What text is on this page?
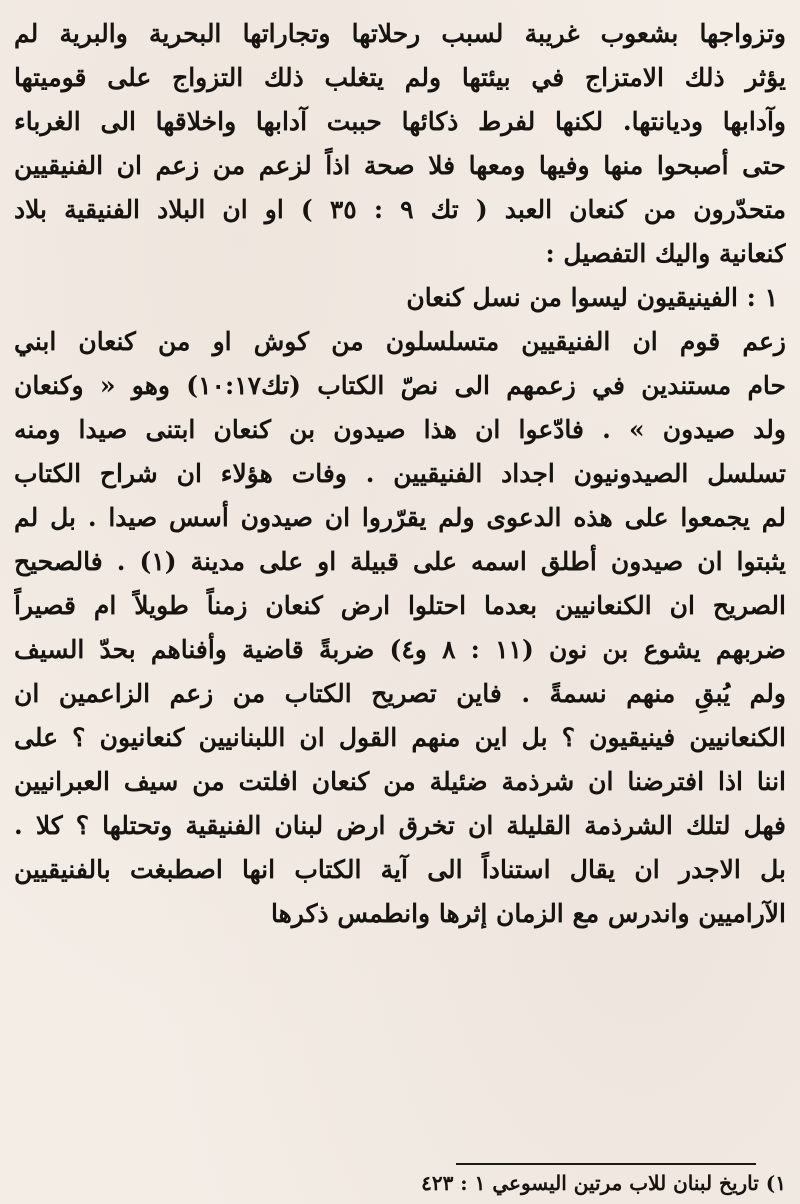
وتزواجها بشعوب غريبة لسبب رحلاتها وتجاراتها البحرية والبرية لم
يؤثر ذلك الامتزاج في بيئتها ولم يتغلب ذلك التزواج على قوميتها
وآدابها وديانتها. لكنها لفرط ذكائها حببت آدابها واخلاقها الى الغرباء
حتى أصبحوا منها وفيها ومعها فلا صحة اذاً لزعم من زعم ان الفنيقيين
متحدّرون من كنعان العبد ( تك ٩ : ٣٥ ) او ان البلاد الفنيقية بلاد
كنعانية واليك التفصيل :
١ : الفينيقيون ليسوا من نسل كنعان
زعم قوم ان الفنيقيين متسلسلون من كوش او من كنعان ابني
حام مستندين في زعمهم الى نصّ الكتاب (تك١٠:١٧) وهو « وكنعان
ولد صيدون » . فادّعوا ان هذا صيدون بن كنعان ابتنى صيدا ومنه
تسلسل الصيدونيون اجداد الفنيقيين . وفات هؤلاء ان شراح الكتاب
لم يجمعوا على هذه الدعوى ولم يقرّروا ان صيدون أسس صيدا . بل لم
يثبتوا ان صيدون أطلق اسمه على قبيلة او على مدينة (١) . فالصحيح
الصريح ان الكنعانيين بعدما احتلوا ارض كنعان زمناً طويلاً ام قصيراً
ضربهم يشوع بن نون (١١ : ٨ و٤) ضربةً قاضية وأفناهم بحدّ السيف
ولم يُبقِ منهم نسمةً . فاين تصريح الكتاب من زعم الزاعمين ان
الكنعانيين فينيقيون ؟ بل اين منهم القول ان اللبنانيين كنعانيون ؟ على
اننا اذا افترضنا ان شرذمة ضئيلة من كنعان افلتت من سيف العبرانيين
فهل لتلك الشرذمة القليلة ان تخرق ارض لبنان الفنيقية وتحتلها ؟ كلا .
بل الاجدر ان يقال استناداً الى آية الكتاب انها اصطبغت بالفنيقيين
الآراميين واندرس مع الزمان إثرها وانطمس ذكرها
١) تاريخ لبنان للاب مرتين اليسوعي ١ : ٤٢٣
